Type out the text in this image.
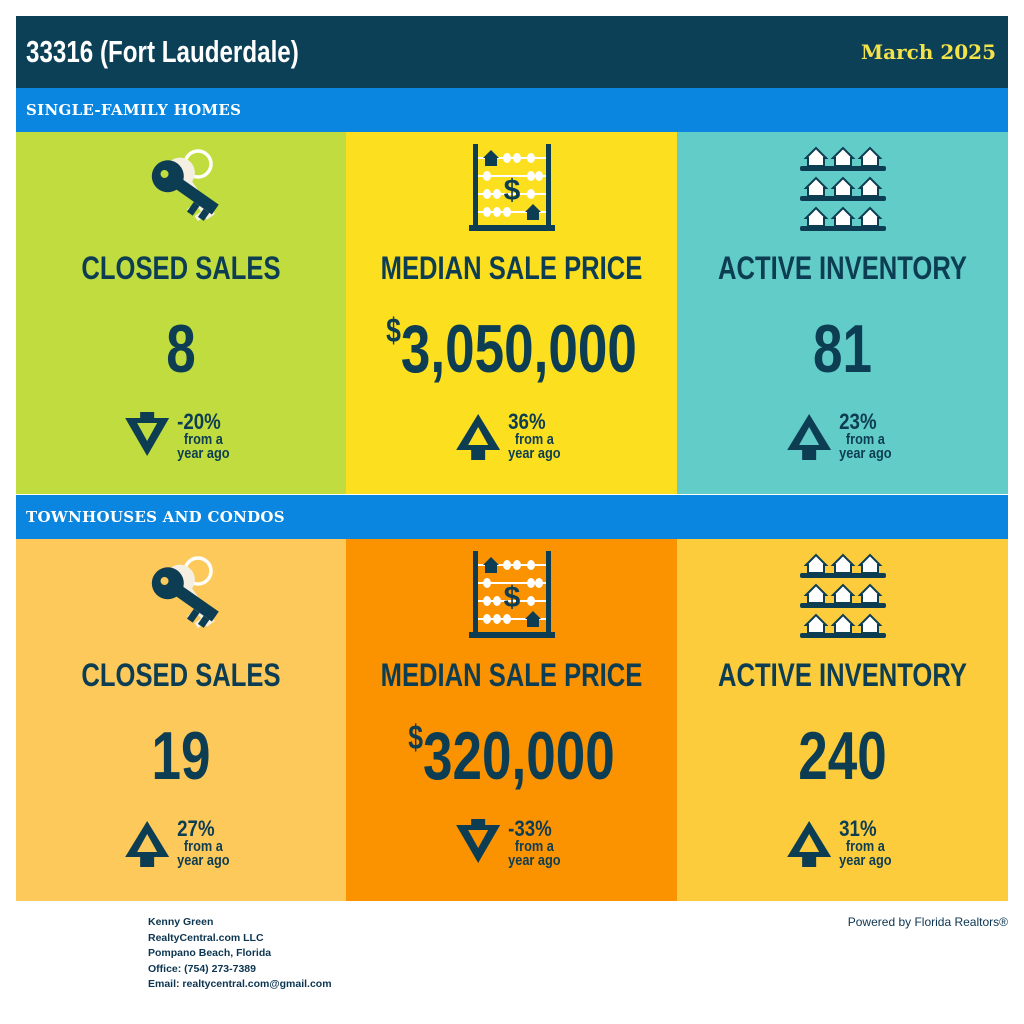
33316 (Fort Lauderdale)	March 2025
SINGLE-FAMILY HOMES
CLOSED SALES
8
-20%
from a
year ago
$
MEDIAN SALE PRICE
$3,050,000
36%
from a
year ago
ACTIVE INVENTORY
81
23%
from a
year ago
TOWNHOUSES AND CONDOS
CLOSED SALES
19
27%
from a
year ago
$
MEDIAN SALE PRICE
$320,000
-33%
from a
year ago
ACTIVE INVENTORY
240
31%
from a
year ago
Kenny Green
RealtyCentral.com LLC
Pompano Beach, Florida
Office: (754) 273-7389
Email: realtycentral.com@gmail.com
Powered by Florida Realtors®
